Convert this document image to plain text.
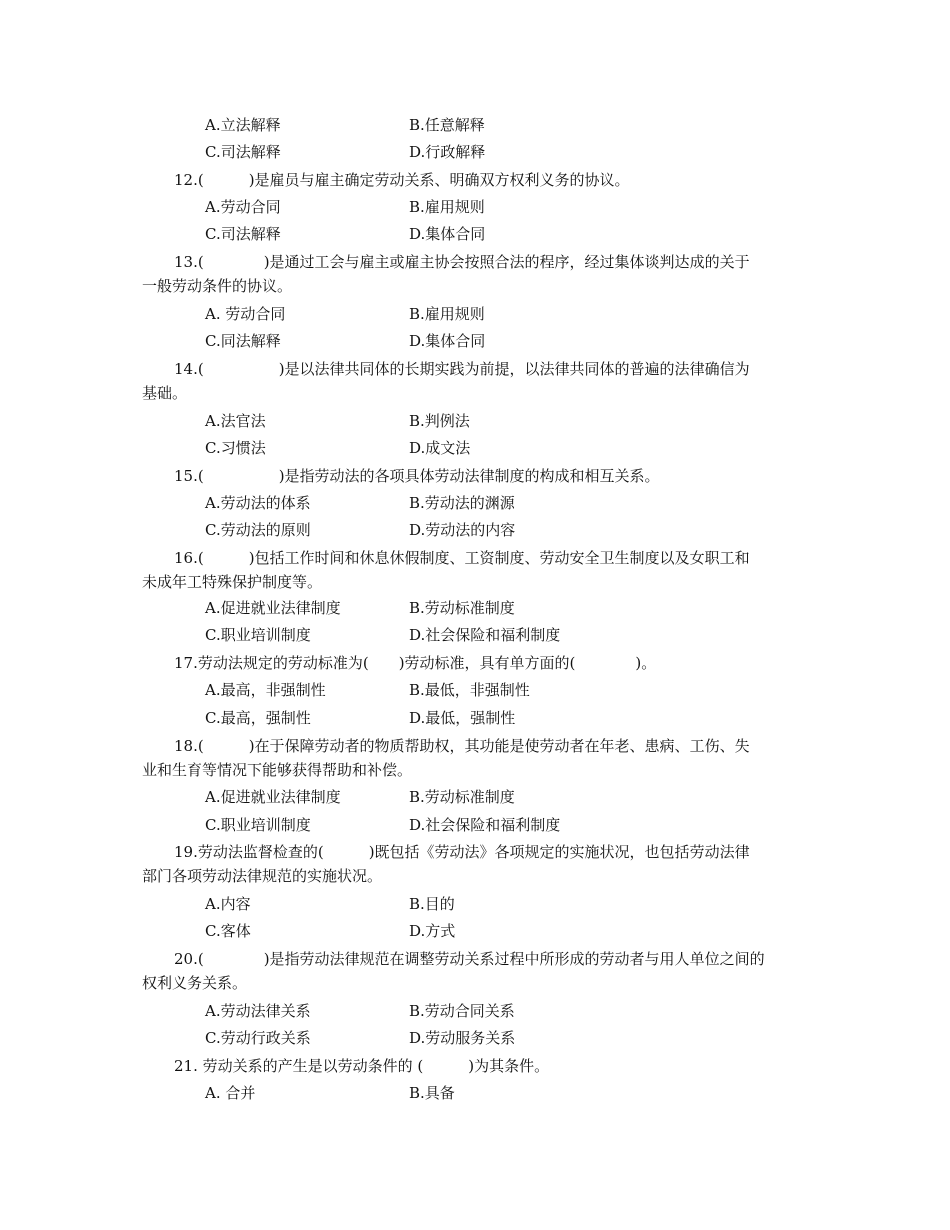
A.立法解释	B.任意解释
C.司法解释	D.行政解释
12.(　　　)是雇员与雇主确定劳动关系、明确双方权利义务的协议。
A.劳动合同	B.雇用规则
C.司法解释	D.集体合同
13.(　　　　)是通过工会与雇主或雇主协会按照合法的程序，经过集体谈判达成的关于
一般劳动条件的协议。
A. 劳动合同	B.雇用规则
C.同法解释	D.集体合同
14.(　　　　　)是以法律共同体的长期实践为前提，以法律共同体的普遍的法律确信为
基础。
A.法官法	B.判例法
C.习惯法	D.成文法
15.(　　　　　)是指劳动法的各项具体劳动法律制度的构成和相互关系。
A.劳动法的体系	B.劳动法的渊源
C.劳动法的原则	D.劳动法的内容
16.(　　　)包括工作时间和休息休假制度、工资制度、劳动安全卫生制度以及女职工和
未成年工特殊保护制度等。
A.促进就业法律制度	B.劳动标准制度
C.职业培训制度	D.社会保险和福利制度
17.劳动法规定的劳动标准为(　　)劳动标准，具有单方面的(　　　　)。
A.最高，非强制性	B.最低，非强制性
C.最高，强制性	D.最低，强制性
18.(　　　)在于保障劳动者的物质帮助权，其功能是使劳动者在年老、患病、工伤、失
业和生育等情况下能够获得帮助和补偿。
A.促进就业法律制度	B.劳动标准制度
C.职业培训制度	D.社会保险和福利制度
19.劳动法监督检查的(　　　)既包括《劳动法》各项规定的实施状况，也包括劳动法律
部门各项劳动法律规范的实施状况。
A.内容	B.目的
C.客体	D.方式
20.(　　　　)是指劳动法律规范在调整劳动关系过程中所形成的劳动者与用人单位之间的
权利义务关系。
A.劳动法律关系	B.劳动合同关系
C.劳动行政关系	D.劳动服务关系
21. 劳动关系的产生是以劳动条件的 (　　　)为其条件。
A. 合并	B.具备
